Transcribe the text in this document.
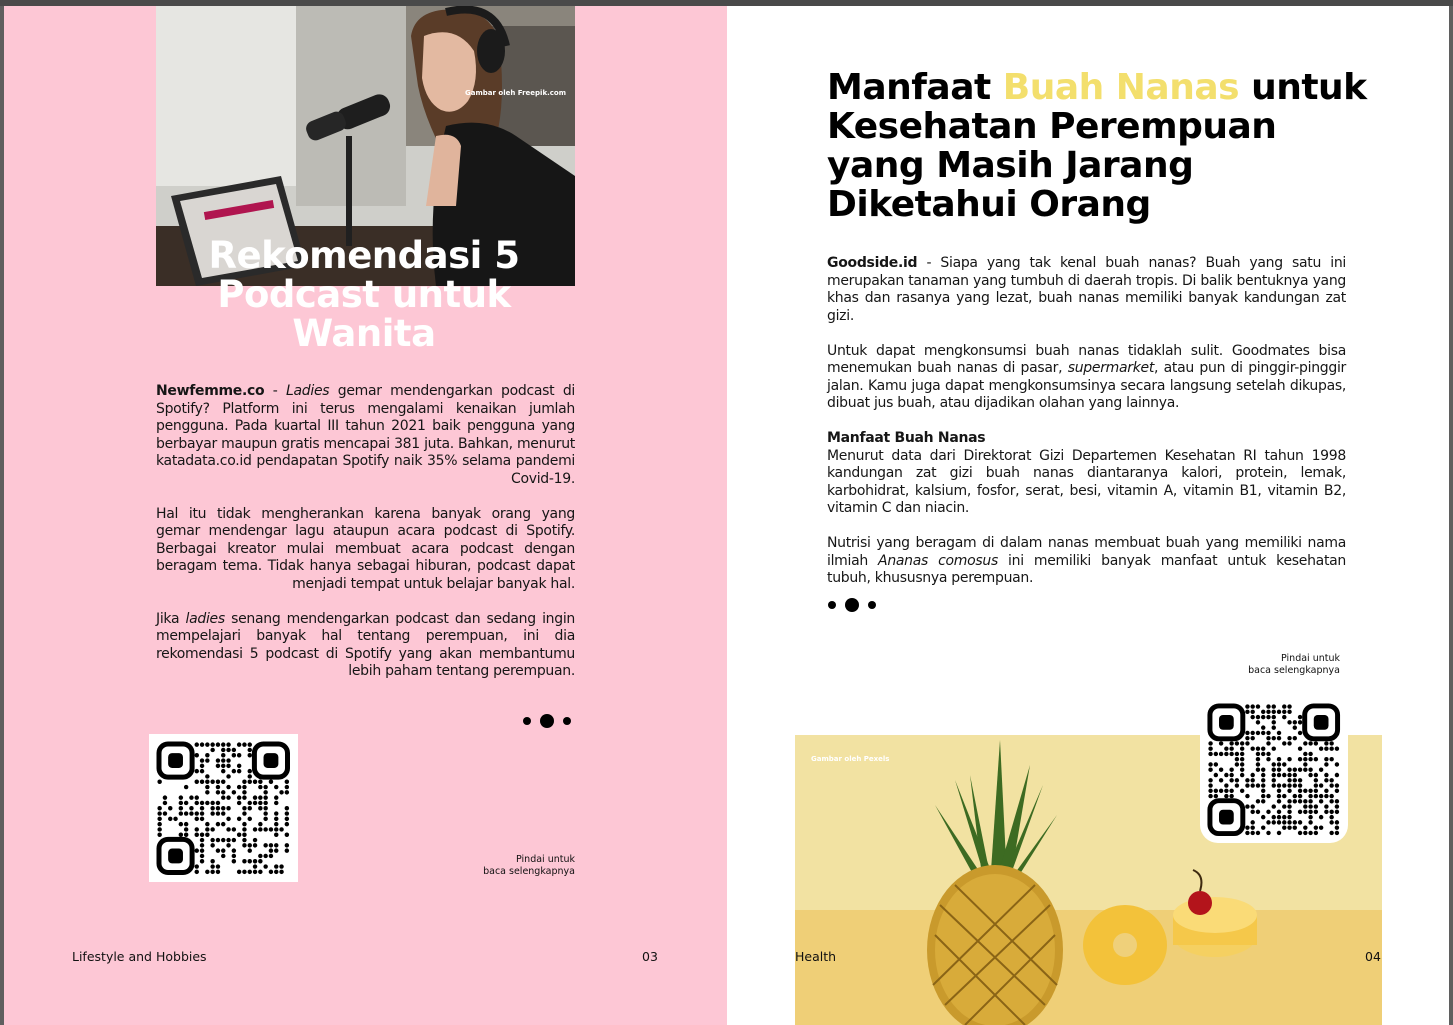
Gambar oleh Freepik.com
Rekomendasi 5 Podcast untuk Wanita

Newfemme.co - Ladies gemar mendengarkan podcast di Spotify? Platform ini terus mengalami kenaikan jumlah pengguna. Pada kuartal III tahun 2021 baik pengguna yang berbayar maupun gratis mencapai 381 juta. Bahkan, menurut katadata.co.id pendapatan Spotify naik 35% selama pandemi Covid-19.

Hal itu tidak mengherankan karena banyak orang yang gemar mendengar lagu ataupun acara podcast di Spotify. Berbagai kreator mulai membuat acara podcast dengan beragam tema. Tidak hanya sebagai hiburan, podcast dapat menjadi tempat untuk belajar banyak hal.

Jika ladies senang mendengarkan podcast dan sedang ingin mempelajari banyak hal tentang perempuan, ini dia rekomendasi 5 podcast di Spotify yang akan membantumu lebih paham tentang perempuan.

Pindai untuk
baca selengkapnya
Lifestyle and Hobbies	03
Manfaat Buah Nanas untuk Kesehatan Perempuan yang Masih Jarang Diketahui Orang

Goodside.id - Siapa yang tak kenal buah nanas? Buah yang satu ini merupakan tanaman yang tumbuh di daerah tropis. Di balik bentuknya yang khas dan rasanya yang lezat, buah nanas memiliki banyak kandungan zat gizi.

Untuk dapat mengkonsumsi buah nanas tidaklah sulit. Goodmates bisa menemukan buah nanas di pasar, supermarket, atau pun di pinggir-pinggir jalan. Kamu juga dapat mengkonsumsinya secara langsung setelah dikupas, dibuat jus buah, atau dijadikan olahan yang lainnya.

Manfaat Buah Nanas
Menurut data dari Direktorat Gizi Departemen Kesehatan RI tahun 1998 kandungan zat gizi buah nanas diantaranya kalori, protein, lemak, karbohidrat, kalsium, fosfor, serat, besi, vitamin A, vitamin B1, vitamin B2, vitamin C dan niacin.

Nutrisi yang beragam di dalam nanas membuat buah yang memiliki nama ilmiah Ananas comosus ini memiliki banyak manfaat untuk kesehatan tubuh, khususnya perempuan.

Pindai untuk
baca selengkapnya
Gambar oleh Pexels
Health	04
